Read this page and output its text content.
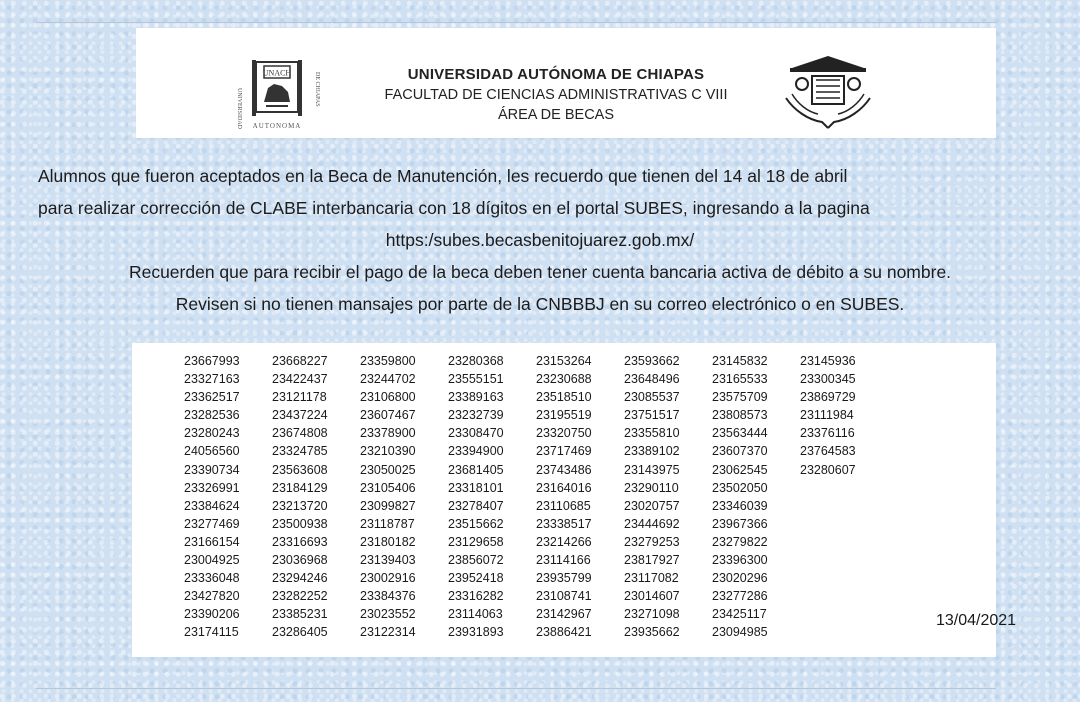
UNACH
UNIVERSIDAD	DE CHIAPAS
AUTONOMA
UNIVERSIDAD AUTÓNOMA DE CHIAPAS
FACULTAD DE CIENCIAS ADMINISTRATIVAS C VIII
ÁREA DE BECAS
Alumnos que fueron aceptados en la Beca de Manutención, les recuerdo que tienen del 14 al 18 de abril
para realizar corrección de CLABE interbancaria con 18 dígitos en el portal SUBES, ingresando a la pagina
https:/subes.becasbenitojuarez.gob.mx/
Recuerden que para recibir el pago de la beca deben tener cuenta bancaria activa de débito a su nombre.
Revisen si no tienen mansajes por parte de la CNBBBJ en su correo electrónico o en SUBES.
23667993
23327163
23362517
23282536
23280243
24056560
23390734
23326991
23384624
23277469
23166154
23004925
23336048
23427820
23390206
23174115
23668227
23422437
23121178
23437224
23674808
23324785
23563608
23184129
23213720
23500938
23316693
23036968
23294246
23282252
23385231
23286405
23359800
23244702
23106800
23607467
23378900
23210390
23050025
23105406
23099827
23118787
23180182
23139403
23002916
23384376
23023552
23122314
23280368
23555151
23389163
23232739
23308470
23394900
23681405
23318101
23278407
23515662
23129658
23856072
23952418
23316282
23114063
23931893
23153264
23230688
23518510
23195519
23320750
23717469
23743486
23164016
23110685
23338517
23214266
23114166
23935799
23108741
23142967
23886421
23593662
23648496
23085537
23751517
23355810
23389102
23143975
23290110
23020757
23444692
23279253
23817927
23117082
23014607
23271098
23935662
23145832
23165533
23575709
23808573
23563444
23607370
23062545
23502050
23346039
23967366
23279822
23396300
23020296
23277286
23425117
23094985
23145936
23300345
23869729
23111984
23376116
23764583
23280607
13/04/2021
